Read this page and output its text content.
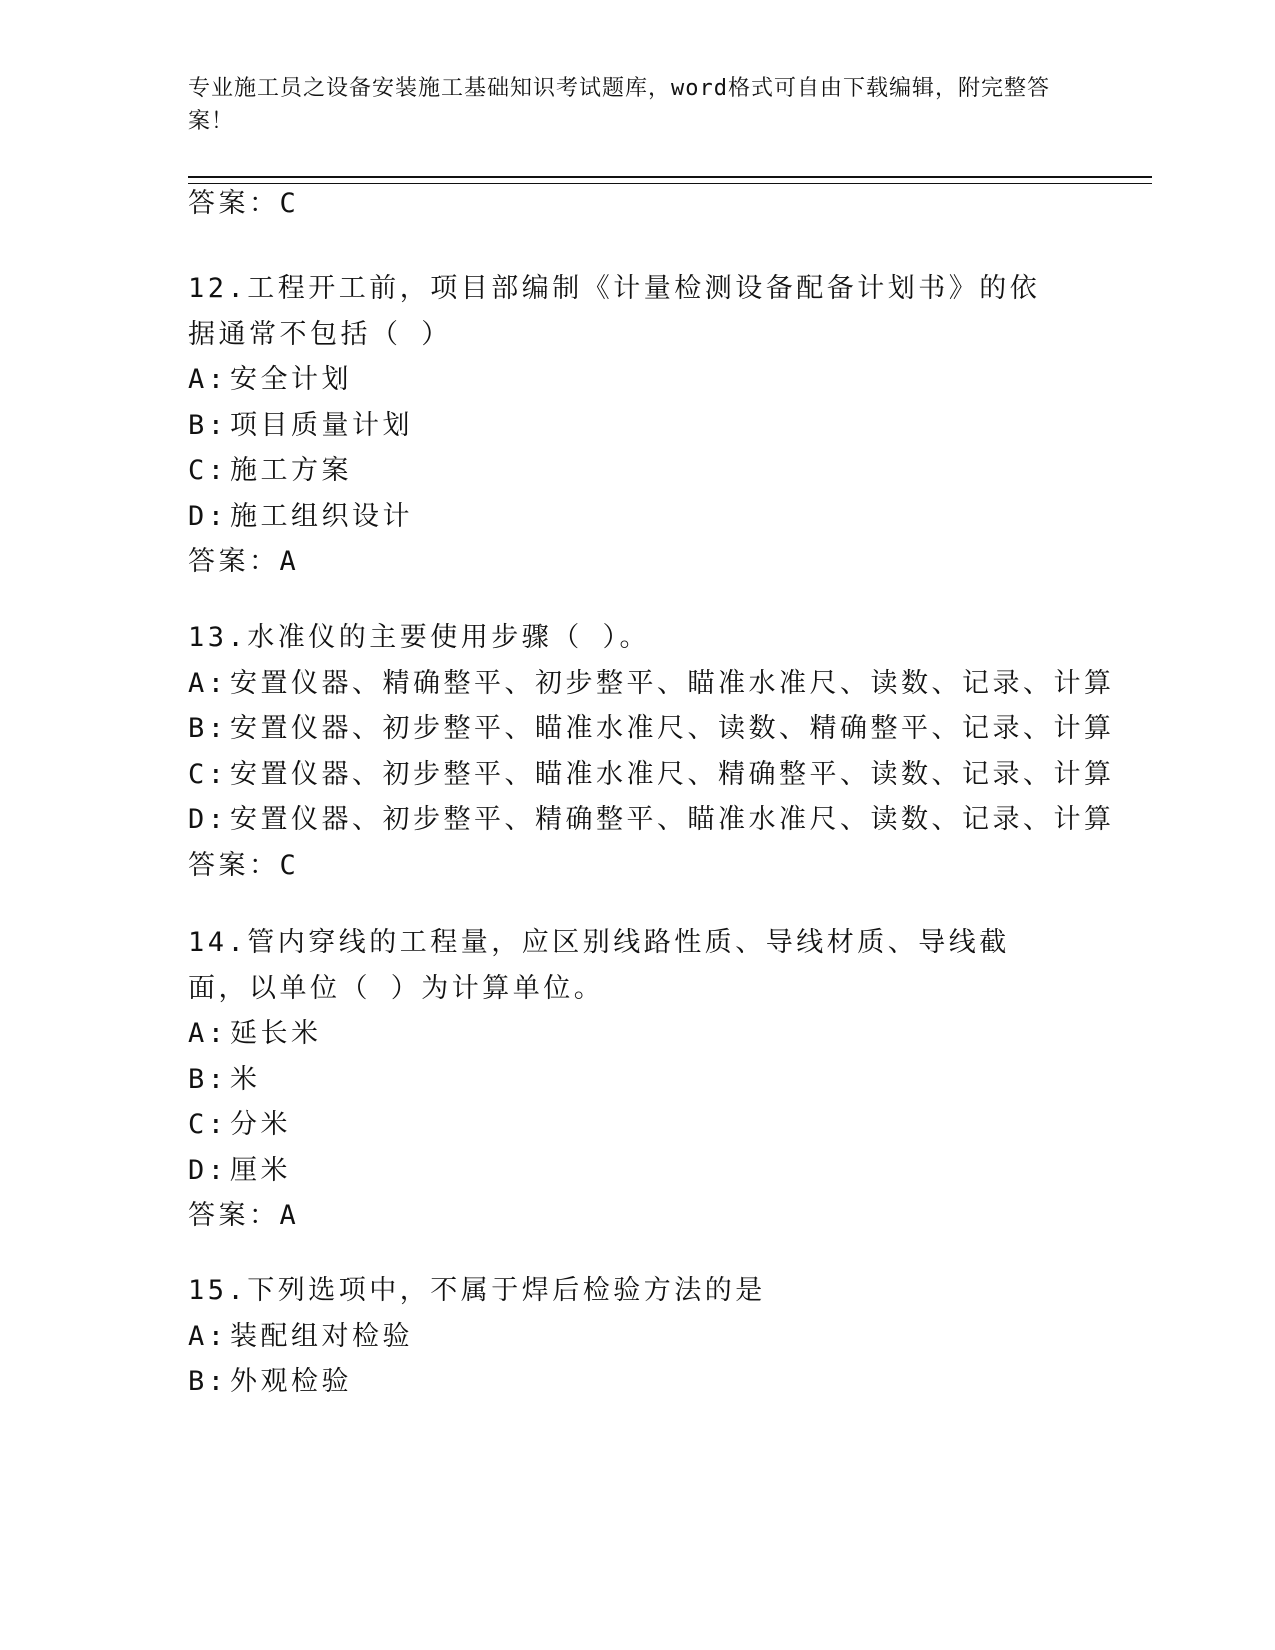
专业施工员之设备安装施工基础知识考试题库，word格式可自由下载编辑，附完整答案！
答案：C
12.工程开工前，项目部编制《计量检测设备配备计划书》的依据通常不包括（ ）
A:安全计划
B:项目质量计划
C:施工方案
D:施工组织设计
答案：A
13.水准仪的主要使用步骤（ ）。
A:安置仪器、精确整平、初步整平、瞄准水准尺、读数、记录、计算
B:安置仪器、初步整平、瞄准水准尺、读数、精确整平、记录、计算
C:安置仪器、初步整平、瞄准水准尺、精确整平、读数、记录、计算
D:安置仪器、初步整平、精确整平、瞄准水准尺、读数、记录、计算
答案：C
14.管内穿线的工程量，应区别线路性质、导线材质、导线截面，以单位（ ）为计算单位。
A:延长米
B:米
C:分米
D:厘米
答案：A
15.下列选项中，不属于焊后检验方法的是
A:装配组对检验
B:外观检验
